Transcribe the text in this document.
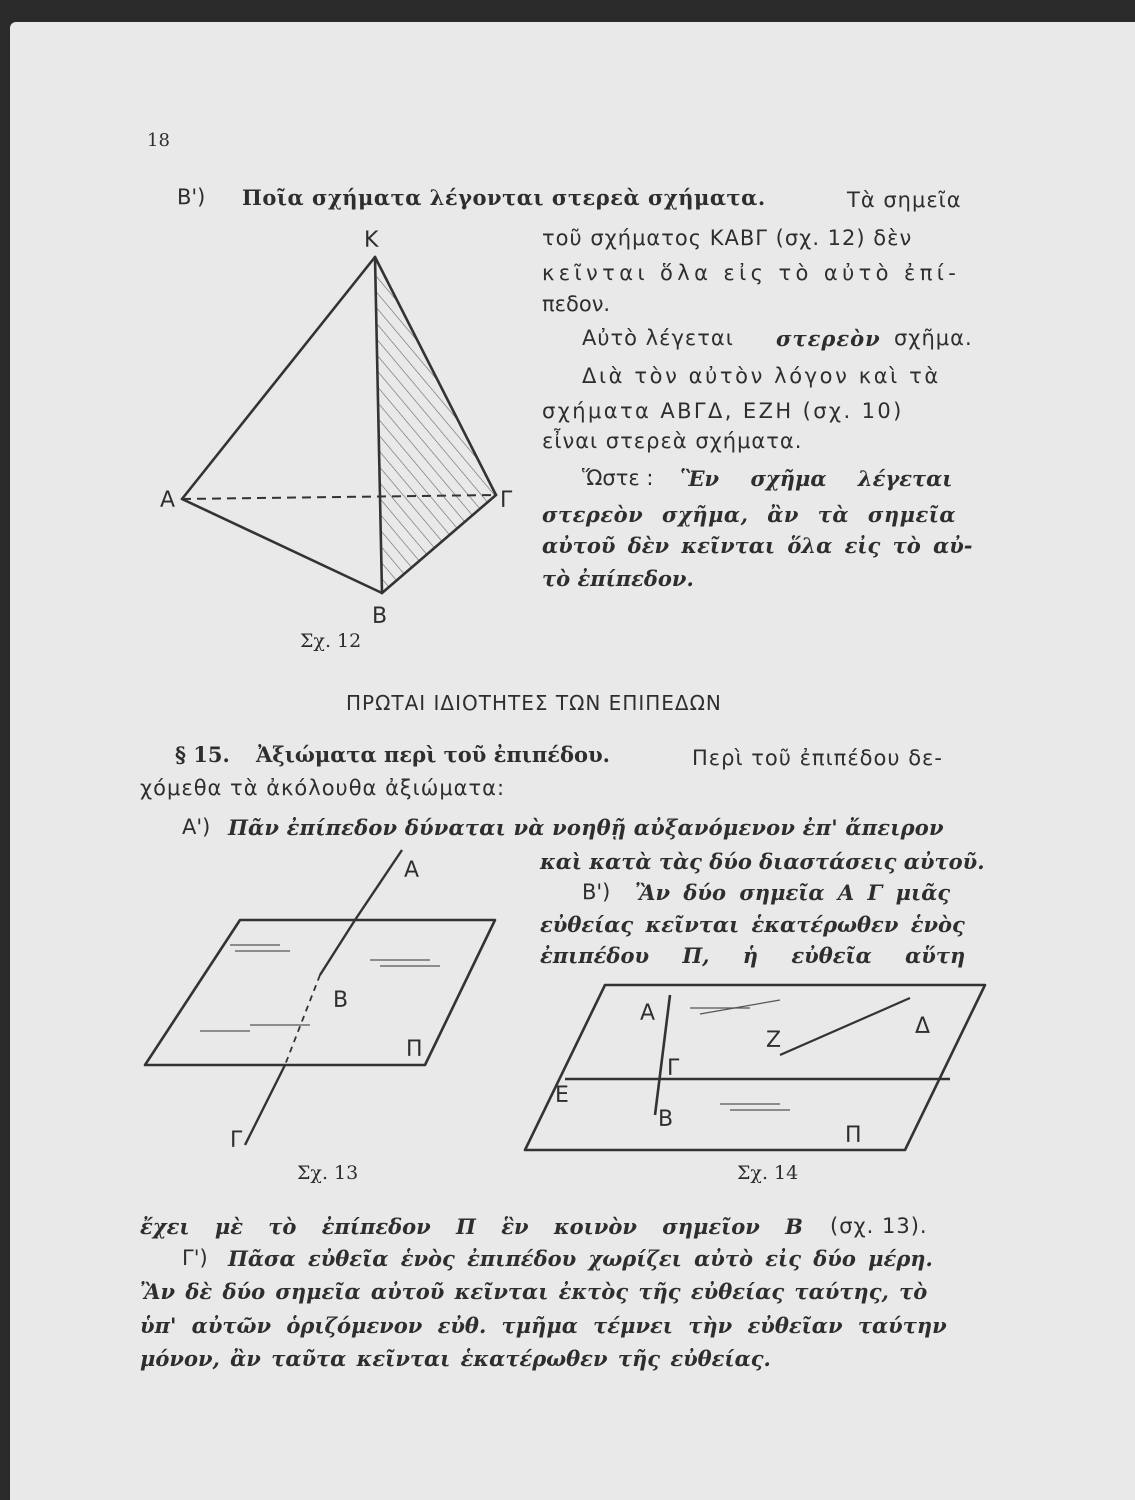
18
Β') Ποῖα σχήματα λέγονται στερεὰ σχήματα.	Τὰ σημεῖα
τοῦ σχήματος ΚΑΒΓ (σχ. 12) δὲν
κεῖνται ὅλα εἰς τὸ αὐτὸ ἐπί-
πεδον.
Αὐτὸ λέγεται στερεὸν σχῆμα.
Διὰ τὸν αὐτὸν λόγον καὶ τὰ
σχήματα ΑΒΓΔ, ΕΖΗ (σχ. 10)
εἶναι στερεὰ σχήματα.
Ὥστε : Ἓν σχῆμα λέγεται
στερεὸν σχῆμα, ἂν τὰ σημεῖα
αὐτοῦ δὲν κεῖνται ὅλα εἰς τὸ αὐ-
τὸ ἐπίπεδον.
Κ
Α	Γ
Β
Σχ. 12
ΠΡΩΤΑΙ ΙΔΙΟΤΗΤΕΣ ΤΩΝ ΕΠΙΠΕΔΩΝ
§ 15. Ἀξιώματα περὶ τοῦ ἐπιπέδου.	Περὶ τοῦ ἐπιπέδου δε-
χόμεθα τὰ ἀκόλουθα ἀξιώματα:
Α') Πᾶν ἐπίπεδον δύναται νὰ νοηθῇ αὐξανόμενον ἐπ' ἄπειρον
καὶ κατὰ τὰς δύο διαστάσεις αὐτοῦ.
Β') Ἂν δύο σημεῖα Α Γ μιᾶς
εὐθείας κεῖνται ἑκατέρωθεν ἑνὸς
ἐπιπέδου Π, ἡ εὐθεῖα αὕτη
Α
Β
Π
Γ
Σχ. 13
Α
Ζ
Δ
Γ
Ε
Β
Π
Σχ. 14
ἔχει μὲ τὸ ἐπίπεδον Π ἓν κοινὸν σημεῖον Β (σχ. 13).
Γ') Πᾶσα εὐθεῖα ἑνὸς ἐπιπέδου χωρίζει αὐτὸ εἰς δύο μέρη.
Ἂν δὲ δύο σημεῖα αὐτοῦ κεῖνται ἐκτὸς τῆς εὐθείας ταύτης, τὸ
ὑπ' αὐτῶν ὁριζόμενον εὐθ. τμῆμα τέμνει τὴν εὐθεῖαν ταύτην
μόνον, ἂν ταῦτα κεῖνται ἑκατέρωθεν τῆς εὐθείας.
